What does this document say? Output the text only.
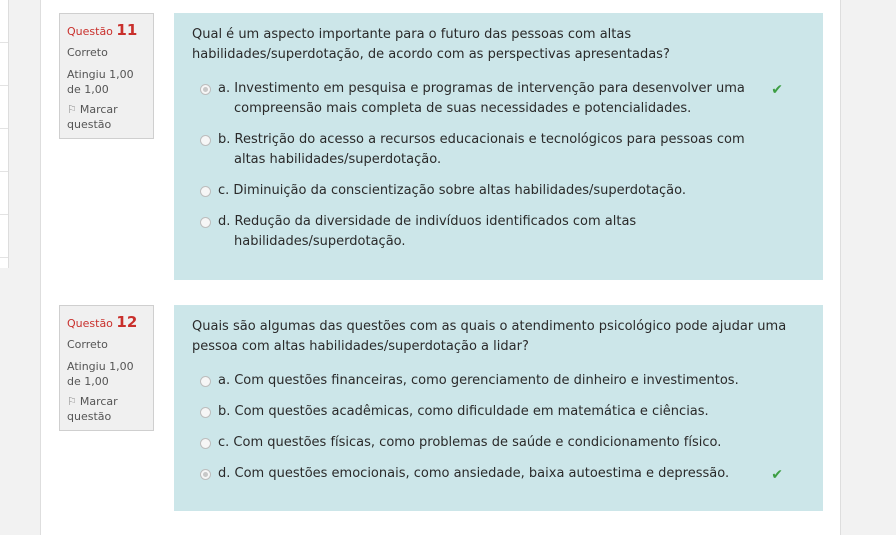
Questão 11
Correto
Atingiu 1,00 de 1,00
⚐ Marcar questão
Qual é um aspecto importante para o futuro das pessoas com altas habilidades/superdotação, de acordo com as perspectivas apresentadas?
a. Investimento em pesquisa e programas de intervenção para desenvolver uma compreensão mais completa de suas necessidades e potencialidades.
✔
b. Restrição do acesso a recursos educacionais e tecnológicos para pessoas com altas habilidades/superdotação.
c. Diminuição da conscientização sobre altas habilidades/superdotação.
d. Redução da diversidade de indivíduos identificados com altas habilidades/superdotação.
Questão 12
Correto
Atingiu 1,00 de 1,00
⚐ Marcar questão
Quais são algumas das questões com as quais o atendimento psicológico pode ajudar uma pessoa com altas habilidades/superdotação a lidar?
a. Com questões financeiras, como gerenciamento de dinheiro e investimentos.
b. Com questões acadêmicas, como dificuldade em matemática e ciências.
c. Com questões físicas, como problemas de saúde e condicionamento físico.
d. Com questões emocionais, como ansiedade, baixa autoestima e depressão.	✔
